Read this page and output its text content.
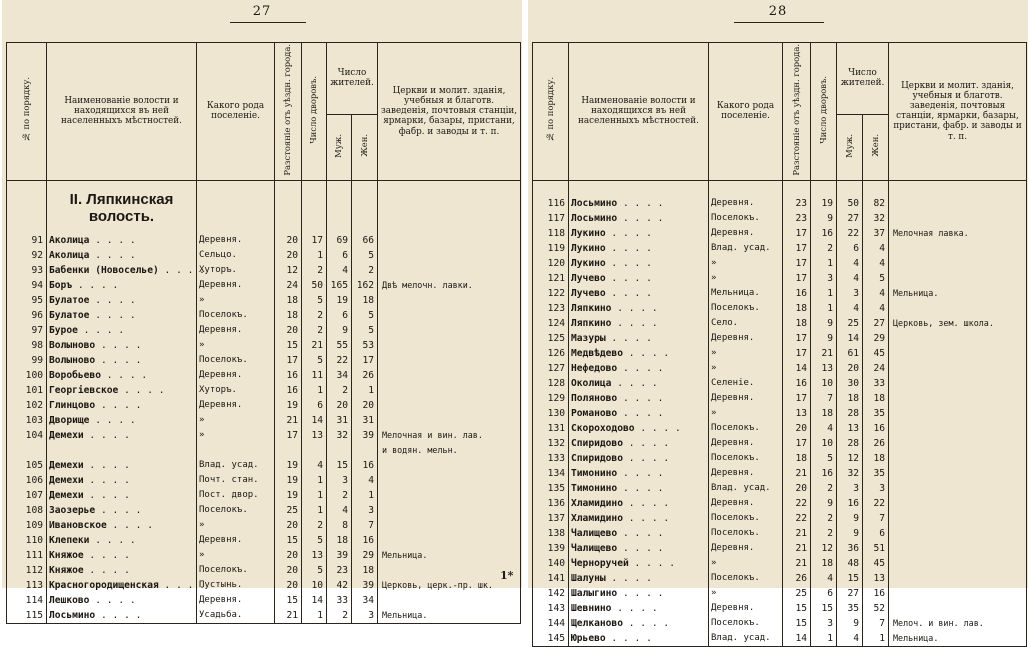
27
№ по порядку.	Наименованіе волости и находящихся въ ней населенныхъ мѣстностей.	Какого рода поселеніе.	Разстояніе отъ уѣздн. города.	Число дворовъ.	Число жителей.		Церкви и молит. зданія, учебныя и благотв. заведенія, почтовыя станціи, ярмарки, базары, пристани, фабр. и заводы и т. п.
					Муж.	Жен.	

	II. Ляпкинская
волость.						

91	Аколица . . . .	Деревня.	20	17	69	66	
92	Аколица . . . .	Сельцо.	20	1	6	5	
93	Бабенки (Новоселье) . . . .	Хуторъ.	12	2	4	2	
94	Боръ . . . .	Деревня.	24	50	165	162	Двѣ мелочн. лавки.
95	Булатое . . . .	»	18	5	19	18	
96	Булатое . . . .	Поселокъ.	18	2	6	5	
97	Бурое . . . .	Деревня.	20	2	9	5	
98	Волыново . . . .	»	15	21	55	53	
99	Волыново . . . .	Поселокъ.	17	5	22	17	
100	Воробьево . . . .	Деревня.	16	11	34	26	
101	Георгіевское . . . .	Хуторъ.	16	1	2	1	
102	Глинцово . . . .	Деревня.	19	6	20	20	
103	Дворище . . . .	»	21	14	31	31	
104	Демехи . . . .	»	17	13	32	39	Мелочная и вин. лав.
							и водян. мельн.
105	Демехи . . . .	Влад. усад.	19	4	15	16	
106	Демехи . . . .	Почт. стан.	19	1	3	4	
107	Демехи . . . .	Пост. двор.	19	1	2	1	
108	Заозерье . . . .	Поселокъ.	25	1	4	3	
109	Ивановское . . . .	»	20	2	8	7	
110	Клепеки . . . .	Деревня.	15	5	18	16	
111	Княжое . . . .	»	20	13	39	29	Мельница.
112	Княжое . . . .	Поселокъ.	20	5	23	18	
113	Красногородищенская . . . .	Пустынь.	20	10	42	39	Церковь, церк.-пр. шк.
114	Лешково . . . .	Деревня.	15	14	33	34	
115	Лосьмино . . . .	Усадьба.	21	1	2	3	Мельница.
1*
28
№ по порядку.	Наименованіе волости и находящихся въ ней населенныхъ мѣстностей.	Какого рода поселеніе.	Разстояніе отъ уѣздн. города.	Число дворовъ.	Число жителей.		Церкви и молит. зданія, учебныя и благотв. заведенія, почтовыя станціи, ярмарки, базары, пристани, фабр. и заводы и т. п.
					Муж.	Жен.	

116	Лосьмино . . . .	Деревня.	23	19	50	82	
117	Лосьмино . . . .	Поселокъ.	23	9	27	32	
118	Лукино . . . .	Деревня.	17	16	22	37	Мелочная лавка.
119	Лукино . . . .	Влад. усад.	17	2	6	4	
120	Лукино . . . .	»	17	1	4	4	
121	Лучево . . . .	»	17	3	4	5	
122	Лучево . . . .	Мельница.	16	1	3	4	Мельница.
123	Ляпкино . . . .	Поселокъ.	18	1	4	4	
124	Ляпкино . . . .	Село.	18	9	25	27	Церковь, зем. школа.
125	Мазуры . . . .	Деревня.	17	9	14	29	
126	Медвѣдево . . . .	»	17	21	61	45	
127	Нефедово . . . .	»	14	13	20	24	
128	Околица . . . .	Селеніе.	16	10	30	33	
129	Поляново . . . .	Деревня.	17	7	18	18	
130	Романово . . . .	»	13	18	28	35	
131	Скороходово . . . .	Поселокъ.	20	4	13	16	
132	Спиридово . . . .	Деревня.	17	10	28	26	
133	Спиридово . . . .	Поселокъ.	18	5	12	18	
134	Тимонино . . . .	Деревня.	21	16	32	35	
135	Тимонино . . . .	Влад. усад.	20	2	3	3	
136	Хламидино . . . .	Деревня.	22	9	16	22	
137	Хламидино . . . .	Поселокъ.	22	2	9	7	
138	Чалищево . . . .	Поселокъ.	21	2	9	6	
139	Чалищево . . . .	Деревня.	21	12	36	51	
140	Черноручей . . . .	»	21	18	48	45	
141	Шалуны . . . .	Поселокъ.	26	4	15	13	
142	Шалыгино . . . .	»	25	6	27	16	
143	Шевнино . . . .	Деревня.	15	15	35	52	
144	Щелканово . . . .	Поселокъ.	15	3	9	7	Мелоч. и вин. лав.
145	Юрьево . . . .	Влад. усад.	14	1	4	1	Мельница.
